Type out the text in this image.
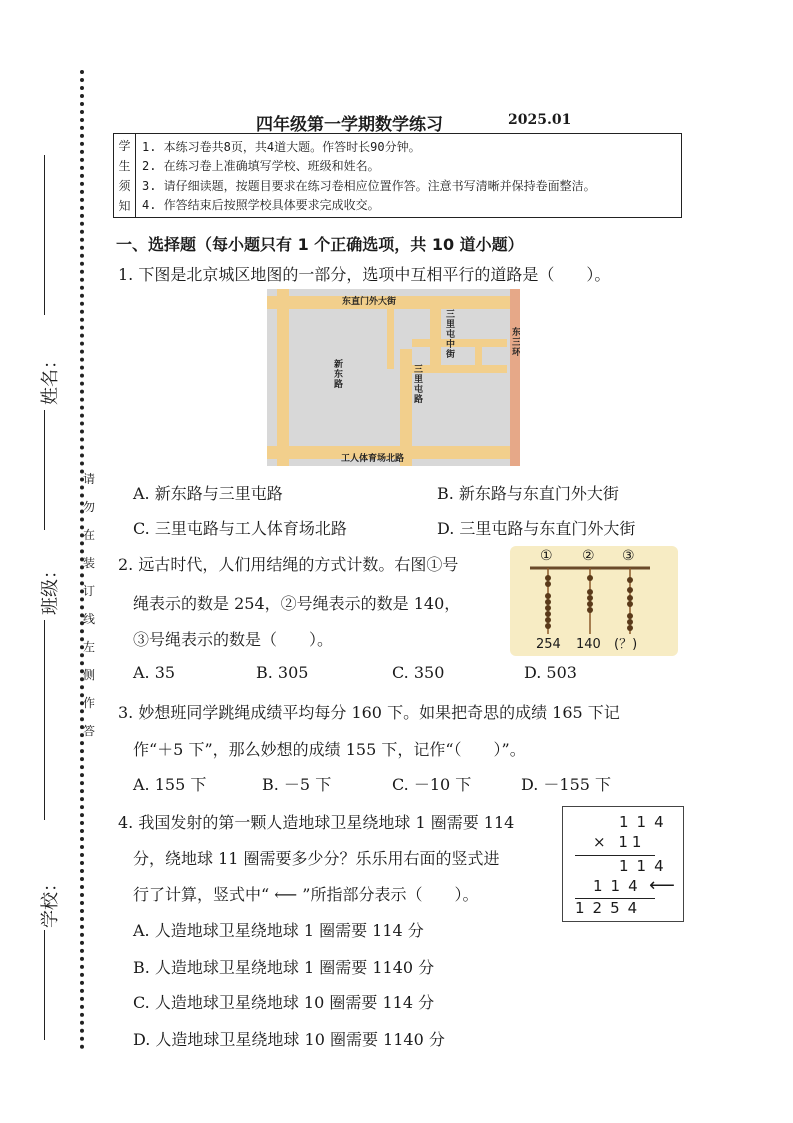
姓名：
班级：
学校：
请
勿
在
装
订
线
左
侧
作
答
四年级第一学期数学练习	2025.01
学
生
须
知
1. 本练习卷共8页，共4道大题。作答时长90分钟。
2. 在练习卷上准确填写学校、班级和姓名。
3. 请仔细读题，按题目要求在练习卷相应位置作答。注意书写清晰并保持卷面整洁。
4. 作答结束后按照学校具体要求完成收交。
一、选择题（每小题只有 1 个正确选项，共 10 道小题）
1. 下图是北京城区地图的一部分，选项中互相平行的道路是（　　）。
东直门外大街
工人体育场北路
新东路	三里屯路
三里屯中街	东三环
A. 新东路与三里屯路	B. 新东路与东直门外大街
C. 三里屯路与工人体育场北路	D. 三里屯路与东直门外大街
2. 远古时代，人们用结绳的方式计数。右图①号
绳表示的数是 254，②号绳表示的数是 140，
③号绳表示的数是（　　）。
① ② ③
254 140 (？)
A. 35	B. 305	C. 350	D. 503
3. 妙想班同学跳绳成绩平均每分 160 下。如果把奇思的成绩 165 下记
作“＋5 下”，那么妙想的成绩 155 下，记作“（　　）”。
A. 155 下	B. －5 下	C. －10 下	D. －155 下
4. 我国发射的第一颗人造地球卫星绕地球 1 圈需要 114
分，绕地球 11 圈需要多少分？乐乐用右面的竖式进
行了计算，竖式中“ ⟵ ”所指部分表示（　　）。
114
× 11
114
114 ⟵
1254
A. 人造地球卫星绕地球 1 圈需要 114 分
B. 人造地球卫星绕地球 1 圈需要 1140 分
C. 人造地球卫星绕地球 10 圈需要 114 分
D. 人造地球卫星绕地球 10 圈需要 1140 分
